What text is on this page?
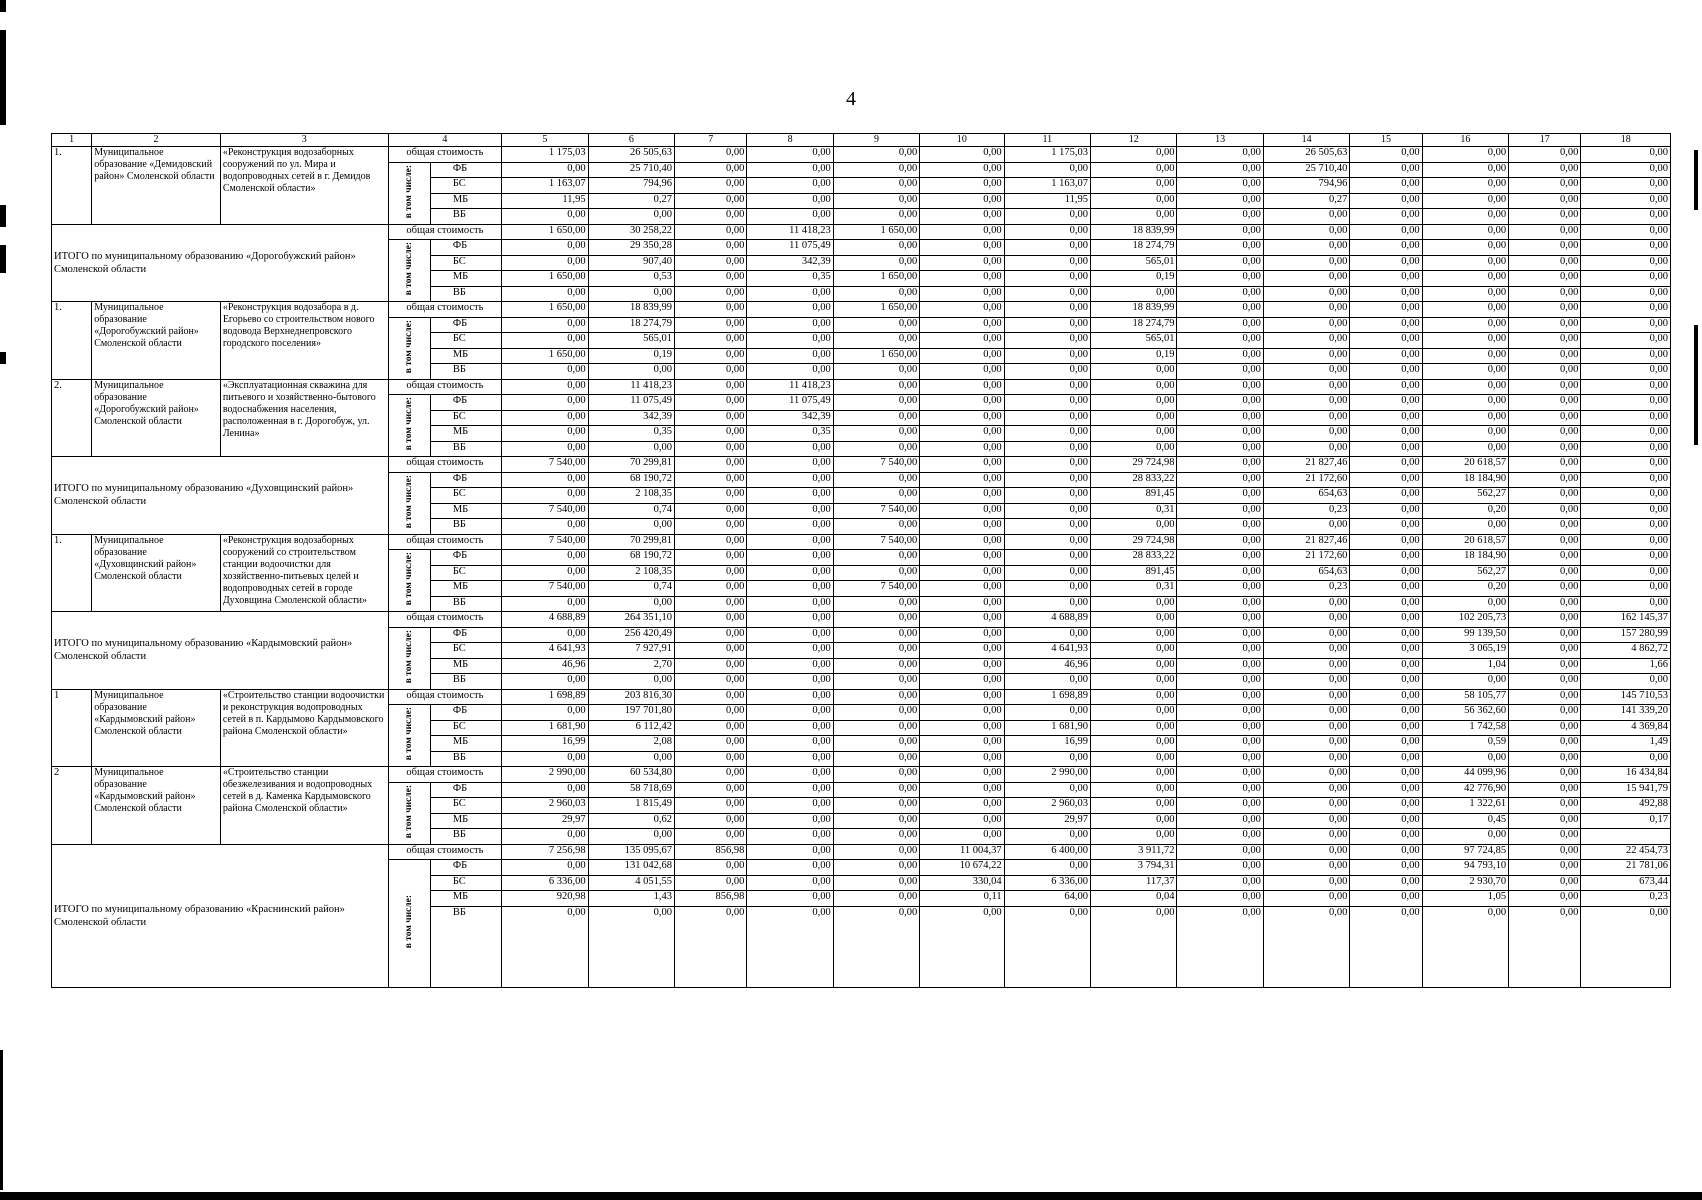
4
1	2	3	4		5	6	7	8	9	10	11	12	13	14	15	16	17	18
1.	Муниципальное образование «Демидовский район» Смоленской области	«Реконструкция водозаборных сооружений по ул. Мира и водопроводных сетей в г. Демидов Смоленской области»	общая стоимость		1 175,03	26 505,63	0,00	0,00	0,00	0,00	1 175,03	0,00	0,00	26 505,63	0,00	0,00	0,00	0,00
			в том числе:	ФБ	0,00	25 710,40	0,00	0,00	0,00	0,00	0,00	0,00	0,00	25 710,40	0,00	0,00	0,00	0,00
				БС	1 163,07	794,96	0,00	0,00	0,00	0,00	1 163,07	0,00	0,00	794,96	0,00	0,00	0,00	0,00
				МБ	11,95	0,27	0,00	0,00	0,00	0,00	11,95	0,00	0,00	0,27	0,00	0,00	0,00	0,00
				ВБ	0,00	0,00	0,00	0,00	0,00	0,00	0,00	0,00	0,00	0,00	0,00	0,00	0,00	0,00
ИТОГО по муниципальному образованию «Дорогобужский район» Смоленской области			общая стоимость		1 650,00	30 258,22	0,00	11 418,23	1 650,00	0,00	0,00	18 839,99	0,00	0,00	0,00	0,00	0,00	0,00
			в том числе:	ФБ	0,00	29 350,28	0,00	11 075,49	0,00	0,00	0,00	18 274,79	0,00	0,00	0,00	0,00	0,00	0,00
				БС	0,00	907,40	0,00	342,39	0,00	0,00	0,00	565,01	0,00	0,00	0,00	0,00	0,00	0,00
				МБ	1 650,00	0,53	0,00	0,35	1 650,00	0,00	0,00	0,19	0,00	0,00	0,00	0,00	0,00	0,00
				ВБ	0,00	0,00	0,00	0,00	0,00	0,00	0,00	0,00	0,00	0,00	0,00	0,00	0,00	0,00
1.	Муниципальное образование «Дорогобужский район» Смоленской области	«Реконструкция водозабора в д. Егорьево со строительством нового водовода Верхнеднепровского городского поселения»	общая стоимость		1 650,00	18 839,99	0,00	0,00	1 650,00	0,00	0,00	18 839,99	0,00	0,00	0,00	0,00	0,00	0,00
			в том числе:	ФБ	0,00	18 274,79	0,00	0,00	0,00	0,00	0,00	18 274,79	0,00	0,00	0,00	0,00	0,00	0,00
				БС	0,00	565,01	0,00	0,00	0,00	0,00	0,00	565,01	0,00	0,00	0,00	0,00	0,00	0,00
				МБ	1 650,00	0,19	0,00	0,00	1 650,00	0,00	0,00	0,19	0,00	0,00	0,00	0,00	0,00	0,00
				ВБ	0,00	0,00	0,00	0,00	0,00	0,00	0,00	0,00	0,00	0,00	0,00	0,00	0,00	0,00
2.	Муниципальное образование «Дорогобужский район» Смоленской области	«Эксплуатационная скважина для питьевого и хозяйственно-бытового водоснабжения населения, расположенная в г. Дорогобуж, ул. Ленина»	общая стоимость		0,00	11 418,23	0,00	11 418,23	0,00	0,00	0,00	0,00	0,00	0,00	0,00	0,00	0,00	0,00
			в том числе:	ФБ	0,00	11 075,49	0,00	11 075,49	0,00	0,00	0,00	0,00	0,00	0,00	0,00	0,00	0,00	0,00
				БС	0,00	342,39	0,00	342,39	0,00	0,00	0,00	0,00	0,00	0,00	0,00	0,00	0,00	0,00
				МБ	0,00	0,35	0,00	0,35	0,00	0,00	0,00	0,00	0,00	0,00	0,00	0,00	0,00	0,00
				ВБ	0,00	0,00	0,00	0,00	0,00	0,00	0,00	0,00	0,00	0,00	0,00	0,00	0,00	0,00
ИТОГО по муниципальному образованию «Духовщинский район» Смоленской области			общая стоимость		7 540,00	70 299,81	0,00	0,00	7 540,00	0,00	0,00	29 724,98	0,00	21 827,46	0,00	20 618,57	0,00	0,00
			в том числе:	ФБ	0,00	68 190,72	0,00	0,00	0,00	0,00	0,00	28 833,22	0,00	21 172,60	0,00	18 184,90	0,00	0,00
				БС	0,00	2 108,35	0,00	0,00	0,00	0,00	0,00	891,45	0,00	654,63	0,00	562,27	0,00	0,00
				МБ	7 540,00	0,74	0,00	0,00	7 540,00	0,00	0,00	0,31	0,00	0,23	0,00	0,20	0,00	0,00
				ВБ	0,00	0,00	0,00	0,00	0,00	0,00	0,00	0,00	0,00	0,00	0,00	0,00	0,00	0,00
1.	Муниципальное образование «Духовщинский район» Смоленской области	«Реконструкция водозаборных сооружений со строительством станции водоочистки для хозяйственно-питьевых целей и водопроводных сетей в городе Духовщина Смоленской области»	общая стоимость		7 540,00	70 299,81	0,00	0,00	7 540,00	0,00	0,00	29 724,98	0,00	21 827,46	0,00	20 618,57	0,00	0,00
			в том числе:	ФБ	0,00	68 190,72	0,00	0,00	0,00	0,00	0,00	28 833,22	0,00	21 172,60	0,00	18 184,90	0,00	0,00
				БС	0,00	2 108,35	0,00	0,00	0,00	0,00	0,00	891,45	0,00	654,63	0,00	562,27	0,00	0,00
				МБ	7 540,00	0,74	0,00	0,00	7 540,00	0,00	0,00	0,31	0,00	0,23	0,00	0,20	0,00	0,00
				ВБ	0,00	0,00	0,00	0,00	0,00	0,00	0,00	0,00	0,00	0,00	0,00	0,00	0,00	0,00
ИТОГО по муниципальному образованию «Кардымовский район» Смоленской области			общая стоимость		4 688,89	264 351,10	0,00	0,00	0,00	0,00	4 688,89	0,00	0,00	0,00	0,00	102 205,73	0,00	162 145,37
			в том числе:	ФБ	0,00	256 420,49	0,00	0,00	0,00	0,00	0,00	0,00	0,00	0,00	0,00	99 139,50	0,00	157 280,99
				БС	4 641,93	7 927,91	0,00	0,00	0,00	0,00	4 641,93	0,00	0,00	0,00	0,00	3 065,19	0,00	4 862,72
				МБ	46,96	2,70	0,00	0,00	0,00	0,00	46,96	0,00	0,00	0,00	0,00	1,04	0,00	1,66
				ВБ	0,00	0,00	0,00	0,00	0,00	0,00	0,00	0,00	0,00	0,00	0,00	0,00	0,00	0,00
1	Муниципальное образование «Кардымовский район» Смоленской области	«Строительство станции водоочистки и реконструкция водопроводных сетей в п. Кардымово Кардымовского района Смоленской области»	общая стоимость		1 698,89	203 816,30	0,00	0,00	0,00	0,00	1 698,89	0,00	0,00	0,00	0,00	58 105,77	0,00	145 710,53
			в том числе:	ФБ	0,00	197 701,80	0,00	0,00	0,00	0,00	0,00	0,00	0,00	0,00	0,00	56 362,60	0,00	141 339,20
				БС	1 681,90	6 112,42	0,00	0,00	0,00	0,00	1 681,90	0,00	0,00	0,00	0,00	1 742,58	0,00	4 369,84
				МБ	16,99	2,08	0,00	0,00	0,00	0,00	16,99	0,00	0,00	0,00	0,00	0,59	0,00	1,49
				ВБ	0,00	0,00	0,00	0,00	0,00	0,00	0,00	0,00	0,00	0,00	0,00	0,00	0,00	0,00
2	Муниципальное образование «Кардымовский район» Смоленской области	«Строительство станции обезжелезивания и водопроводных сетей в д. Каменка Кардымовского района Смоленской области»	общая стоимость		2 990,00	60 534,80	0,00	0,00	0,00	0,00	2 990,00	0,00	0,00	0,00	0,00	44 099,96	0,00	16 434,84
			в том числе:	ФБ	0,00	58 718,69	0,00	0,00	0,00	0,00	0,00	0,00	0,00	0,00	0,00	42 776,90	0,00	15 941,79
				БС	2 960,03	1 815,49	0,00	0,00	0,00	0,00	2 960,03	0,00	0,00	0,00	0,00	1 322,61	0,00	492,88
				МБ	29,97	0,62	0,00	0,00	0,00	0,00	29,97	0,00	0,00	0,00	0,00	0,45	0,00	0,17
				ВБ	0,00	0,00	0,00	0,00	0,00	0,00	0,00	0,00	0,00	0,00	0,00	0,00	0,00	
ИТОГО по муниципальному образованию «Краснинский район» Смоленской области			общая стоимость		7 256,98	135 095,67	856,98	0,00	0,00	11 004,37	6 400,00	3 911,72	0,00	0,00	0,00	97 724,85	0,00	22 454,73
			в том числе:	ФБ	0,00	131 042,68	0,00	0,00	0,00	10 674,22	0,00	3 794,31	0,00	0,00	0,00	94 793,10	0,00	21 781,06
				БС	6 336,00	4 051,55	0,00	0,00	0,00	330,04	6 336,00	117,37	0,00	0,00	0,00	2 930,70	0,00	673,44
				МБ	920,98	1,43	856,98	0,00	0,00	0,11	64,00	0,04	0,00	0,00	0,00	1,05	0,00	0,23
				ВБ	0,00	0,00	0,00	0,00	0,00	0,00	0,00	0,00	0,00	0,00	0,00	0,00	0,00	0,00
